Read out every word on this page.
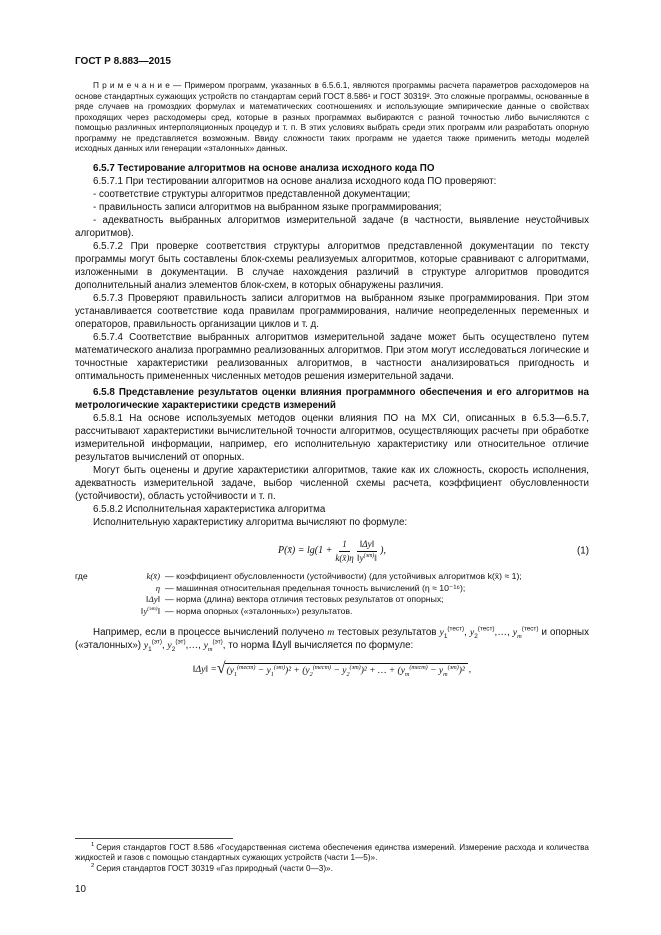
ГОСТ Р 8.883—2015

П р и м е ч а н и е — Примером программ, указанных в 6.5.6.1, являются программы расчета параметров расходомеров на основе стандартных сужающих устройств по стандартам серий ГОСТ 8.586¹ и ГОСТ 30319². Это сложные программы, основанные в ряде случаев на громоздких формулах и математических соотношениях и использующие эмпирические данные о свойствах проходящих через расходомеры сред, которые в разных программах выбираются с разной точностью либо вычисляются с помощью различных интерполяционных процедур и т. п. В этих условиях выбрать среди этих программ или разработать опорную программу не представляется возможным. Ввиду сложности таких программ не удается также применить методы моделей исходных данных или генерации «эталонных» данных.

6.5.7 Тестирование алгоритмов на основе анализа исходного кода ПО

6.5.7.1 При тестировании алгоритмов на основе анализа исходного кода ПО проверяют:

- соответствие структуры алгоритмов представленной документации;

- правильность записи алгоритмов на выбранном языке программирования;

- адекватность выбранных алгоритмов измерительной задаче (в частности, выявление неустойчивых алгоритмов).

6.5.7.2 При проверке соответствия структуры алгоритмов представленной документации по тексту программы могут быть составлены блок-схемы реализуемых алгоритмов, которые сравнивают с алгоритмами, изложенными в документации. В случае нахождения различий в структуре алгоритмов проводится дополнительный анализ элементов блок-схем, в которых обнаружены различия.

6.5.7.3 Проверяют правильность записи алгоритмов на выбранном языке программирования. При этом устанавливается соответствие кода правилам программирования, наличие неопределенных переменных и операторов, правильность организации циклов и т. д.

6.5.7.4 Соответствие выбранных алгоритмов измерительной задаче может быть осуществлено путем математического анализа программно реализованных алгоритмов. При этом могут исследоваться логические и точностные характеристики реализованных алгоритмов, в частности анализироваться пригодность и оптимальность примененных численных методов решения измерительной задачи.

6.5.8 Представление результатов оценки влияния программного обеспечения и его алгоритмов на метрологические характеристики средств измерений

6.5.8.1 На основе используемых методов оценки влияния ПО на МХ СИ, описанных в 6.5.3—6.5.7, рассчитывают характеристики вычислительной точности алгоритмов, осуществляющих расчеты при обработке измерительной информации, например, его исполнительную характеристику или относительное отличие результатов вычислений от опорных.

Могут быть оценены и другие характеристики алгоритмов, такие как их сложность, скорость исполнения, адекватность измерительной задаче, выбор численной схемы расчета, коэффициент обусловленности (устойчивости), область устойчивости и т. п.

6.5.8.2 Исполнительная характеристика алгоритма

Исполнительную характеристику алгоритма вычисляют по формуле:

P(x̄) = $\lg(1 + \frac{1}{k(x̄)\eta} \frac{‖\Delta y‖}{‖y^{(эт)}‖}$ ),	(1)
где	k(x̄) — коэффициент обусловленности (устойчивости) (для устойчивых алгоритмов k(x̄) ≈ 1);
η — машинная относительная предельная точность вычислений (η ≈ 10⁻¹⁶);
‖Δy‖ — норма (длина) вектора отличия тестовых результатов от опорных;
$‖y^{(эт)}‖$ — норма опорных («эталонных») результатов.

Например, если в процессе вычислений получено m тестовых результатов $y_1^{(тест)}$, $y_2^{(тест)},\dots$, $y_m^{(тест)}$ и опорных («эталонных») $y_1^{(эт)}$, $y_2^{(эт)},\dots$, $y_m^{(эт)}$, то норма ‖Δy‖ вычисляется по формуле:

‖Δy‖ = √ $(y_1^{(тест)} - y_1^{(эт)})^2 + (y_2^{(тест)} - y_2^{(эт)})^2$ + … + $(y_m^{(тест)} - y_m^{(эт)})^2$ ,

$^1$ Серия стандартов ГОСТ 8.586 «Государственная система обеспечения единства измерений. Измерение расхода и количества жидкостей и газов с помощью стандартных сужающих устройств (части 1—5)».

$^2$ Серия стандартов ГОСТ 30319 «Газ природный (части 0—3)».

10
